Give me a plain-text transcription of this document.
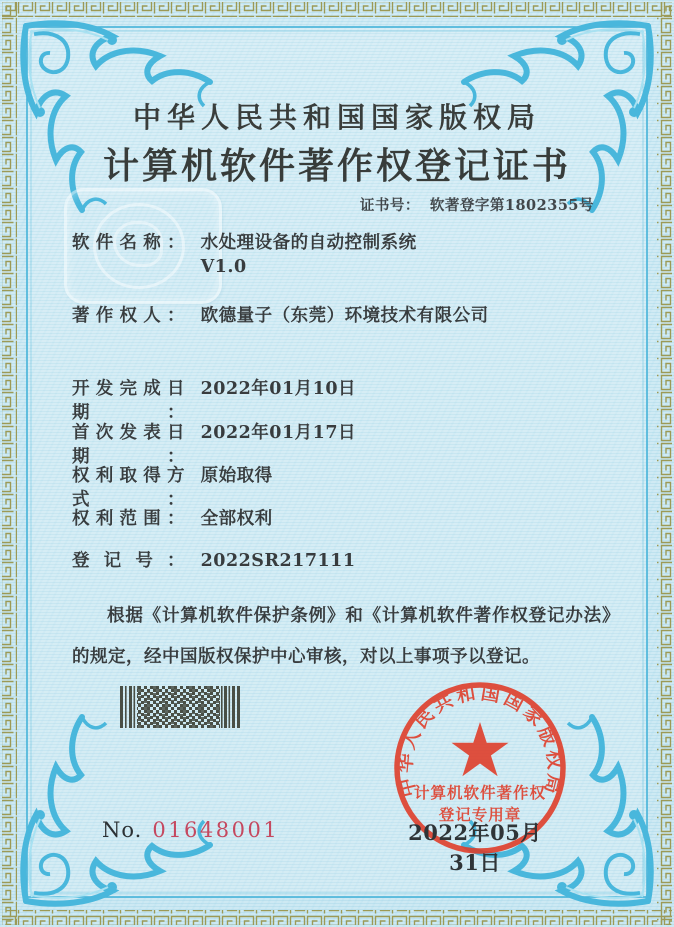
中华人民共和国国家版权局
计算机软件著作权登记证书
证书号： 软著登字第1802355号
软件名称： 水处理设备的自动控制系统
V1.0
著作权人： 欧德量子（东莞）环境技术有限公司
开发完成日期： 2022年01月10日
首次发表日期： 2022年01月17日
权利取得方式： 原始取得
权利范围： 全部权利
登记号： 2022SR217111
根据《计算机软件保护条例》和《计算机软件著作权登记办法》的规定，经中国版权保护中心审核，对以上事项予以登记。
中华人民共和国国家版权局
计算机软件著作权
登记专用章
No. 01648001	2022年05月31日
